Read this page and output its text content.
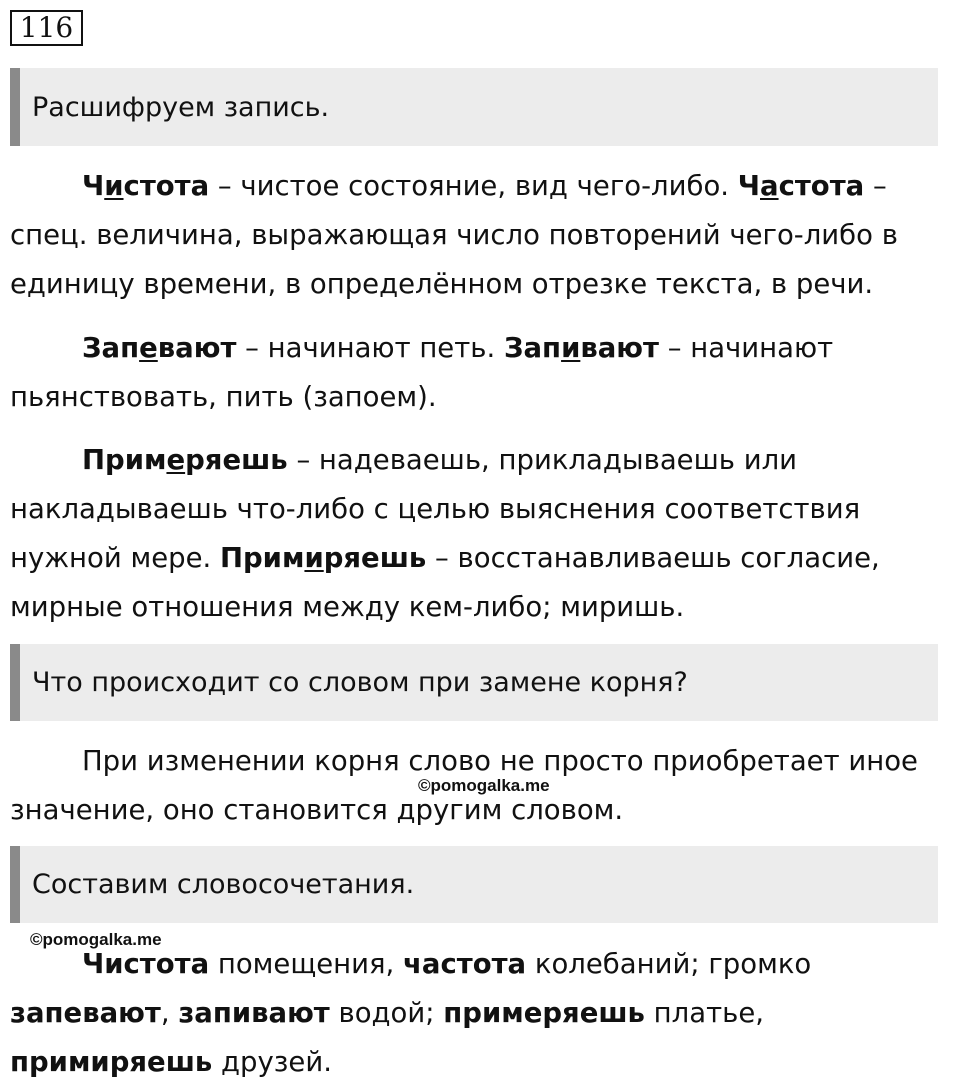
116
Расшифруем запись.

Чистота – чистое состояние, вид чего-либо. Частота – спец. величина, выражающая число повторений чего-либо в единицу времени, в определённом отрезке текста, в речи.

Запевают – начинают петь. Запивают – начинают пьянствовать, пить (запоем).

Примеряешь – надеваешь, прикладываешь или накладываешь что-либо с целью выяснения соответствия нужной мере. Примиряешь – восстанавливаешь согласие, мирные отношения между кем-либо; миришь.

Что происходит со словом при замене корня?

При изменении корня слово не просто приобретает иное значение, оно становится другим словом.

©pomogalka.me
Составим словосочетания.
©pomogalka.me

Чистота помещения, частота колебаний; громко запевают, запивают водой; примеряешь платье, примиряешь друзей.
